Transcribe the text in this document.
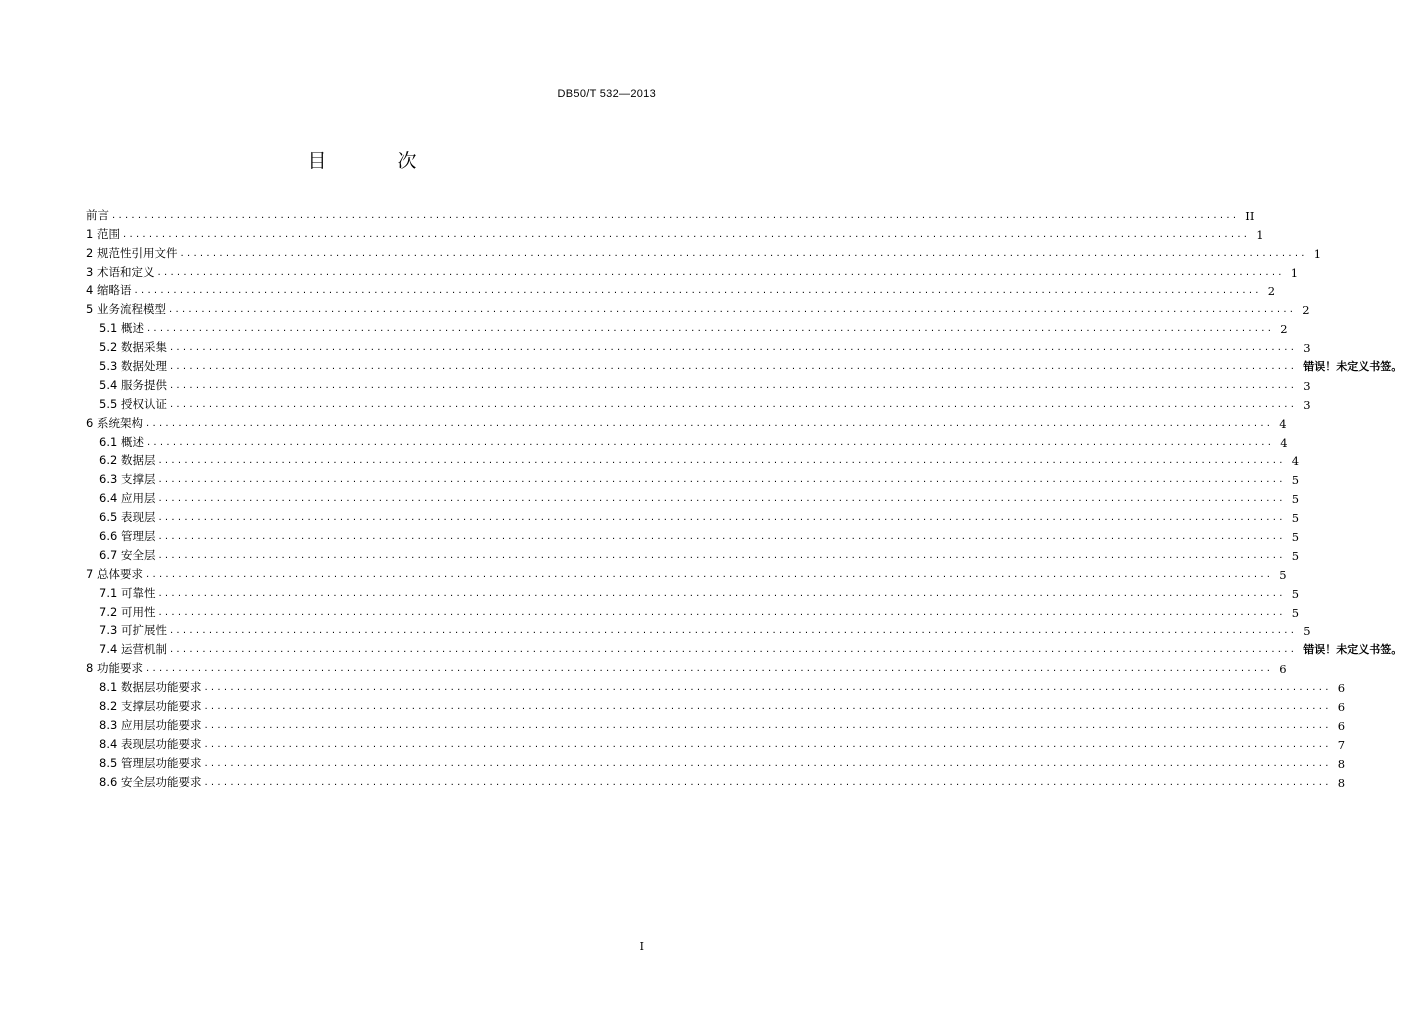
DB50/T 532—2013
目　次
前言 .............................................................................................................................................................................. II
1 范围 .............................................................................................................................................................................. 1
2 规范性引用文件 .............................................................................................................................................................................. 1
3 术语和定义 .............................................................................................................................................................................. 1
4 缩略语 .............................................................................................................................................................................. 2
5 业务流程模型 .............................................................................................................................................................................. 2
5.1 概述 .............................................................................................................................................................................. 2
5.2 数据采集 .............................................................................................................................................................................. 3
5.3 数据处理 .............................................................................................................................................................................. 错误！未定义书签。
5.4 服务提供 .............................................................................................................................................................................. 3
5.5 授权认证 .............................................................................................................................................................................. 3
6 系统架构 .............................................................................................................................................................................. 4
6.1 概述 .............................................................................................................................................................................. 4
6.2 数据层 .............................................................................................................................................................................. 4
6.3 支撑层 .............................................................................................................................................................................. 5
6.4 应用层 .............................................................................................................................................................................. 5
6.5 表现层 .............................................................................................................................................................................. 5
6.6 管理层 .............................................................................................................................................................................. 5
6.7 安全层 .............................................................................................................................................................................. 5
7 总体要求 .............................................................................................................................................................................. 5
7.1 可靠性 .............................................................................................................................................................................. 5
7.2 可用性 .............................................................................................................................................................................. 5
7.3 可扩展性 .............................................................................................................................................................................. 5
7.4 运营机制 .............................................................................................................................................................................. 错误！未定义书签。
8 功能要求 .............................................................................................................................................................................. 6
8.1 数据层功能要求 .............................................................................................................................................................................. 6
8.2 支撑层功能要求 .............................................................................................................................................................................. 6
8.3 应用层功能要求 .............................................................................................................................................................................. 6
8.4 表现层功能要求 .............................................................................................................................................................................. 7
8.5 管理层功能要求 .............................................................................................................................................................................. 8
8.6 安全层功能要求 .............................................................................................................................................................................. 8
I
